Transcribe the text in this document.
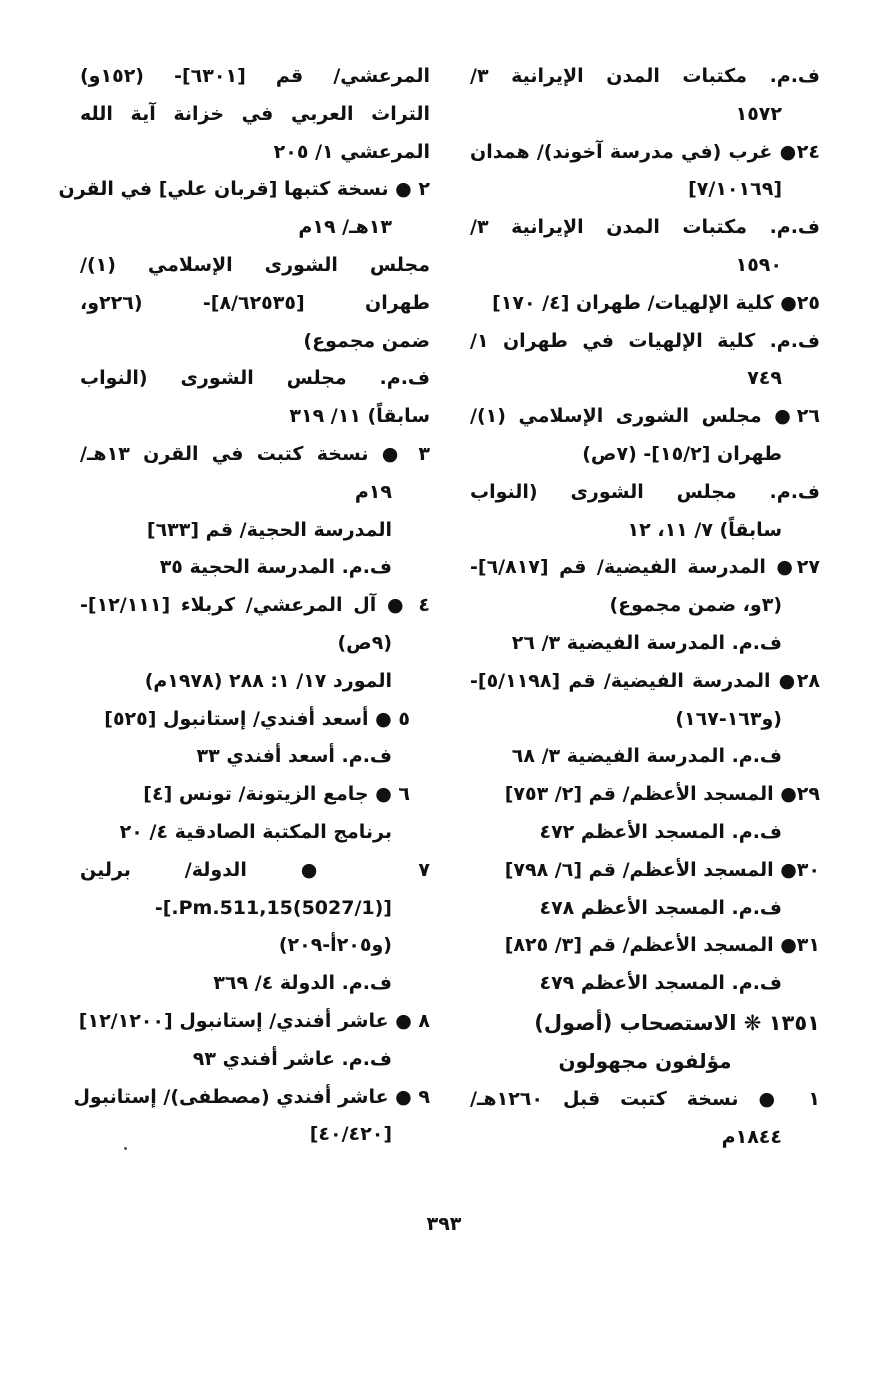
ف.م. مكتبات المدن الإيرانية ٣/
١٥٧٢
٢٤● غرب (في مدرسة آخوند)/ همدان
[٧/١٠١٦٩]
ف.م. مكتبات المدن الإيرانية ٣/
١٥٩٠
٢٥● كلية الإلهيات/ طهران [٤/ ١٧٠]
ف.م. كلية الإلهيات في طهران ١/
٧٤٩
٢٦● مجلس الشورى الإسلامي (١)/
طهران [١٥/٢]- (٧ص)
ف.م. مجلس الشورى (النواب
سابقاً) ٧/ ١١، ١٢
٢٧● المدرسة الفيضية/ قم [٦/٨١٧]-
(٣و، ضمن مجموع)
ف.م. المدرسة الفيضية ٣/ ٢٦
٢٨● المدرسة الفيضية/ قم [٥/١١٩٨]-
(و١٦٣-١٦٧)
ف.م. المدرسة الفيضية ٣/ ٦٨
٢٩● المسجد الأعظم/ قم [٢/ ٧٥٣]
ف.م. المسجد الأعظم ٤٧٢
٣٠● المسجد الأعظم/ قم [٦/ ٧٩٨]
ف.م. المسجد الأعظم ٤٧٨
٣١● المسجد الأعظم/ قم [٣/ ٨٢٥]
ف.م. المسجد الأعظم ٤٧٩
١٣٥١ ❋ الاستصحاب (أصول)
مؤلفون مجهولون
١ ● نسخة كتبت قبل ١٢٦٠هـ/
١٨٤٤م
المرعشي/ قم [٦٣٠١]- (١٥٢و)
التراث العربي في خزانة آية الله
المرعشي ١/ ٢٠٥
٢ ● نسخة كتبها [قربان علي] في القرن
١٣هـ/ ١٩م
مجلس الشورى الإسلامي (١)/
طهران [٨/٦٢٥٣٥]- (٢٢٦و،
ضمن مجموع)
ف.م. مجلس الشورى (النواب
سابقاً) ١١/ ٣١٩
٣ ● نسخة كتبت في القرن ١٣هـ/
١٩م
المدرسة الحجية/ قم [٦٣٣]
ف.م. المدرسة الحجية ٣٥
٤ ● آل المرعشي/ كربلاء [١٢/١١١]-
(٩ص)
المورد ١٧/ ١: ٢٨٨ (١٩٧٨م)
٥ ● أسعد أفندي/ إستانبول [٥٢٥]
ف.م. أسعد أفندي ٣٣
٦ ● جامع الزيتونة/ تونس [٤]
برنامج المكتبة الصادقية ٤/ ٢٠
٧ ● الدولة/ برلين
[(5027/1)Pm.511,15.]-
(و٢٠٥أ-٢٠٩)
ف.م. الدولة ٤/ ٣٦٩
٨ ● عاشر أفندي/ إستانبول [١٢/١٢٠٠]
ف.م. عاشر أفندي ٩٣
٩ ● عاشر أفندي (مصطفى)/ إستانبول
[٤٠/٤٢٠]
٣٩٣
